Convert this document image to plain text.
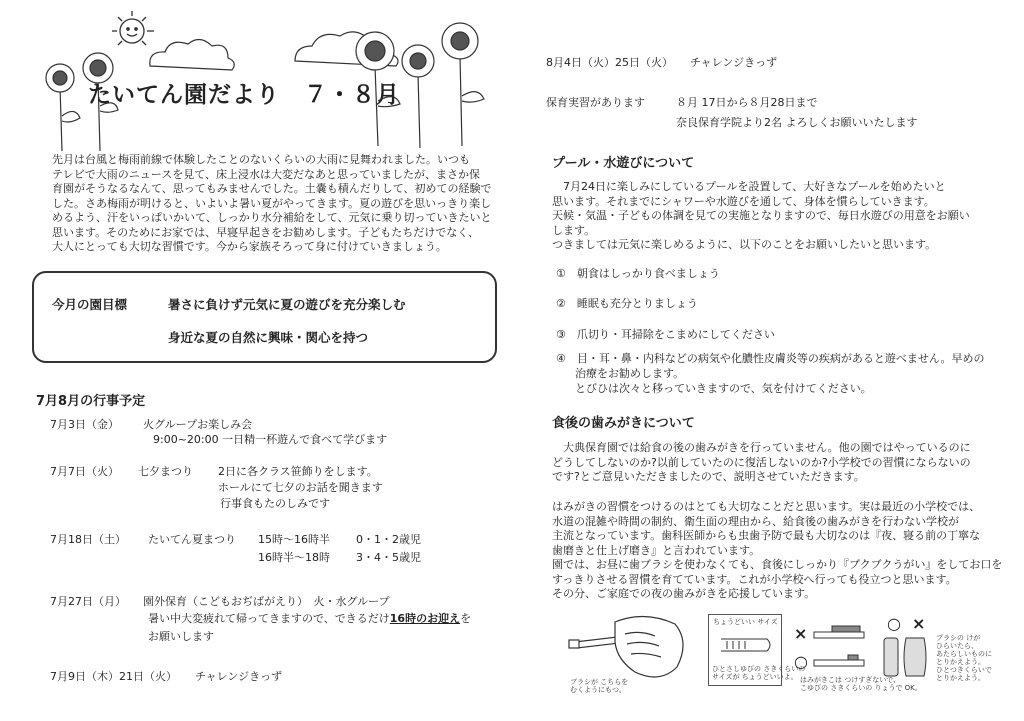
たいてん園だより　７・８月
先月は台風と梅雨前線で体験したことのないくらいの大雨に見舞われました。いつも
テレビで大雨のニュースを見て、床上浸水は大変だなあと思っていましたが、まさか保
育園がそうなるなんて、思ってもみませんでした。土嚢も積んだりして、初めての経験で
した。さあ梅雨が明けると、いよいよ暑い夏がやってきます。夏の遊びを思いっきり楽し
めるよう、汗をいっぱいかいて、しっかり水分補給をして、元気に乗り切っていきたいと
思います。そのためにお家では、早寝早起きをお勧めします。子どもたちだけでなく、
大人にとっても大切な習慣です。今から家族そろって身に付けていきましょう。
今月の園目標	暑さに負けず元気に夏の遊びを充分楽しむ
身近な夏の自然に興味・関心を持つ
7月8月の行事予定
7月3日（金） 火グループお楽しみ会
9:00~20:00 一日精一杯遊んで食べて学びます
7月7日（火） 七夕まつり 2日に各クラス笹飾りをします。
ホールにて七夕のお話を聞きます
行事食もたのしみです
7月18日（土） たいてん夏まつり 15時～16時半 0・1・2歳児
16時半～18時 3・4・5歳児
7月27日（月） 園外保育（こどもおぢばがえり）　火・水グループ
暑い中大変疲れて帰ってきますので、できるだけ16時のお迎えを
お願いします
7月9日（木）21日（火） チャレンジきっず
8月4日（火）25日（火） チャレンジきっず
保育実習があります	８月 17日から８月28日まで
奈良保育学院より2名 よろしくお願いいたします
プール・水遊びについて
　7月24日に楽しみにしているプールを設置して、大好きなプールを始めたいと
思います。それまでにシャワーや水遊びを通して、身体を慣らしていきます。
天候・気温・子どもの体調を見ての実施となりますので、毎日水遊びの用意をお願い
します。
つきましては元気に楽しめるように、以下のことをお願いしたいと思います。
①　朝食はしっかり食べましょう
②　睡眠も充分とりましょう
③　爪切り・耳掃除をこまめにしてください
④　目・耳・鼻・内科などの病気や化膿性皮膚炎等の疾病があると遊べません。早めの
治療をお勧めします。
とびひは次々と移っていきますので、気を付けてください。
食後の歯みがきについて
　大典保育園では給食の後の歯みがきを行っていません。他の園ではやっているのに
どうしてしないのか?以前していたのに復活しないのか?小学校での習慣にならないの
です?とご意見いただきましたので、説明させていただきます。
はみがきの習慣をつけるのはとても大切なことだと思います。実は最近の小学校では、
水道の混雑や時間の制約、衛生面の理由から、給食後の歯みがきを行わない学校が
主流となっています。歯科医師からも虫歯予防で最も大切なのは『夜、寝る前の丁寧な
歯磨きと仕上げ磨き』と言われています。
園では、お昼に歯ブラシを使わなくても、食後にしっかり『ブクブクうがい』をしてお口を
すっきりさせる習慣を育てています。これが小学校へ行っても役立つと思います。
その分、ご家庭での夜の歯みがきを応援しています。
ブラシが こちらを
むくようにもつ。
ちょうどいい サイズ
ひとさしゆびの さきくらいの
サイズが ちょうどいいよ。
×
○
はみがきこは つけすぎないで、
こゆびの さきくらいの りょうで OK。
○ ×
ブラシの けが
ひらいたら、
あたらしいものに
とりかえよう。
ひとつきくらいで
とりかえよう。
